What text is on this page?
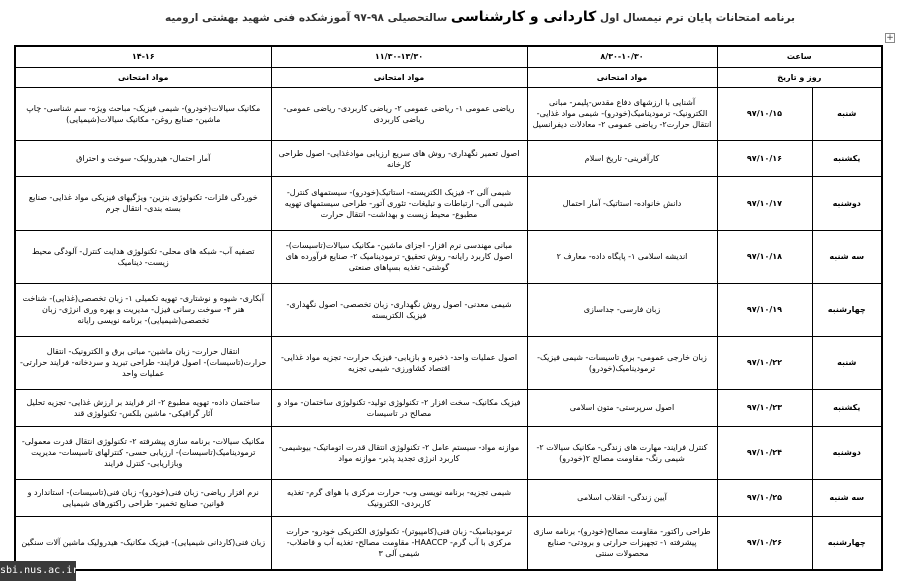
برنامه امتحانات پایان ترم نیمسال اول کاردانی و کارشناسی سالتحصیلی ۹۸-۹۷ آموزشکده فنی شهید بهشتی ارومیه
+
ساعت		۸/۳۰-۱۰/۳۰	۱۱/۳۰-۱۳/۳۰	۱۴-۱۶
روز و تاریخ		مواد امتحانی	مواد امتحانی	مواد امتحانی
شنبه	۹۷/۱۰/۱۵	آشنایی با ارزشهای دفاع مقدس-پلیمر- مبانی الکترونیک- ترمودینامیک(خودرو)- شیمی مواد غذایی- انتقال حرارت۲- ریاضی عمومی ۲- معادلات دیفرانسیل	ریاضی عمومی ۱- ریاضی عمومی ۲- ریاضی کاربردی- ریاضی عمومی- ریاضی کاربردی	مکانیک سیالات(خودرو)- شیمی فیزیک- مباحث ویژه- سم شناسی- چاپ ماشین- صنایع روغن- مکانیک سیالات(شیمیایی)
یکشنبه	۹۷/۱۰/۱۶	کارآفرینی- تاریخ اسلام	اصول تعمیر نگهداری- روش های سریع ارزیابی موادغذایی- اصول طراحی کارخانه	آمار احتمال- هیدرولیک- سوخت و احتراق
دوشنبه	۹۷/۱۰/۱۷	دانش خانواده- استاتیک- آمار احتمال	شیمی آلی ۲- فیزیک الکتریسته- استاتیک(خودرو)- سیستمهای کنترل- شیمی آلی- ارتباطات و تبلیغات- تئوری آتور- طراحی سیستمهای تهویه مطبوع- محیط زیست و بهداشت- انتقال حرارت	خوردگی فلزات- تکنولوژی بنزین- ویژگیهای فیزیکی مواد غذایی- صنایع بسته بندی- انتقال جرم
سه شنبه	۹۷/۱۰/۱۸	اندیشه اسلامی ۱- پایگاه داده- معارف ۲	مبانی مهندسی نرم افزار- اجزای ماشین- مکانیک سیالات(تاسیسات)- اصول کاربرد رایانه- روش تحقیق- ترمودینامیک ۲- صنایع فرآورده های گوشتی- تغذیه بسپاهای صنعتی	تصفیه آب- شبکه های محلی- تکنولوژی هدایت کنترل- آلودگی محیط زیست- دینامیک
چهارشنبه	۹۷/۱۰/۱۹	زبان فارسی- جداسازی	شیمی معدنی- اصول روش نگهداری- زبان تخصصی- اصول نگهداری- فیزیک الکتریسته	آبکاری- شیوه و نوشتاری- تهویه تکمیلی ۱- زبان تخصصی(غذایی)- شناخت هنر ۴- سوخت رسانی فیزل- مدیریت و بهره وری انرژی- زبان تخصصی(شیمیایی)- برنامه نویسی رایانه
شنبه	۹۷/۱۰/۲۲	زبان خارجی عمومی- برق تاسیسات- شیمی فیزیک- ترمودینامیک(خودرو)	اصول عملیات واحد- ذخیره و بازیابی- فیزیک حرارت- تجزیه مواد غذایی- اقتصاد کشاورزی- شیمی تجزیه	انتقال حرارت- زبان ماشین- مبانی برق و الکترونیک- انتقال حرارت(تاسیسات)- اصول فرایند- طراحی تبرید و سردخانه- فرایند حرارتی- عملیات واحد
یکشنبه	۹۷/۱۰/۲۳	اصول سرپرستی- متون اسلامی	فیزیک مکانیک- سخت افزار ۲- تکنولوژی تولید- تکنولوژی ساختمان- مواد و مصالح در تاسیسات	ساختمان داده- تهویه مطبوع ۲- اثر فرایند بر ارزش غذایی- تجزیه تحلیل آثار گرافیکی- ماشین بلکس- تکنولوژی قند
دوشنبه	۹۷/۱۰/۲۴	کنترل فرایند- مهارت های زندگی- مکانیک سیالات ۲- شیمی رنگ- مقاومت مصالح ۲(خودرو)	موازنه مواد- سیستم عامل ۲- تکنولوژی انتقال قدرت اتوماتیک- بیوشیمی- کاربرد انرژی تجدید پذیر- موازنه مواد	مکانیک سیالات- برنامه سازی پیشرفته ۲- تکنولوژی انتقال قدرت معمولی- ترمودینامیک(تاسیسات)- ارزیابی حسی- کنترلهای تاسیسات- مدیریت وبازاریابی- کنترل فرایند
سه شنبه	۹۷/۱۰/۲۵	آیین زندگی- انقلاب اسلامی	شیمی تجزیه- برنامه نویسی وب- حرارت مرکزی با هوای گرم- تغذیه کاربردی- الکترونیک	نرم افزار ریاضی- زبان فنی(خودرو)- زبان فنی(تاسیسات)- استاندارد و قوانین- صنایع تخمیر- طراحی راکتورهای شیمیایی
چهارشنبه	۹۷/۱۰/۲۶	طراحی راکتور- مقاومت مصالح(خودرو)- برنامه سازی پیشرفته ۱- تجهیزات حرارتی و برودتی- صنایع محصولات سنتی	ترمودینامیک- زبان فنی(کامپیوتر)- تکنولوژی الکتریکی خودرو- حرارت مرکزی با آب گرم- HAACCP- مقاومت مصالح- تغذیه آب و فاضلاب- شیمی آلی ۳	زبان فنی(کاردانی شیمیایی)- فیزیک مکانیک- هیدرولیک ماشین آلات سنگین
sbi.nus.ac.ir
